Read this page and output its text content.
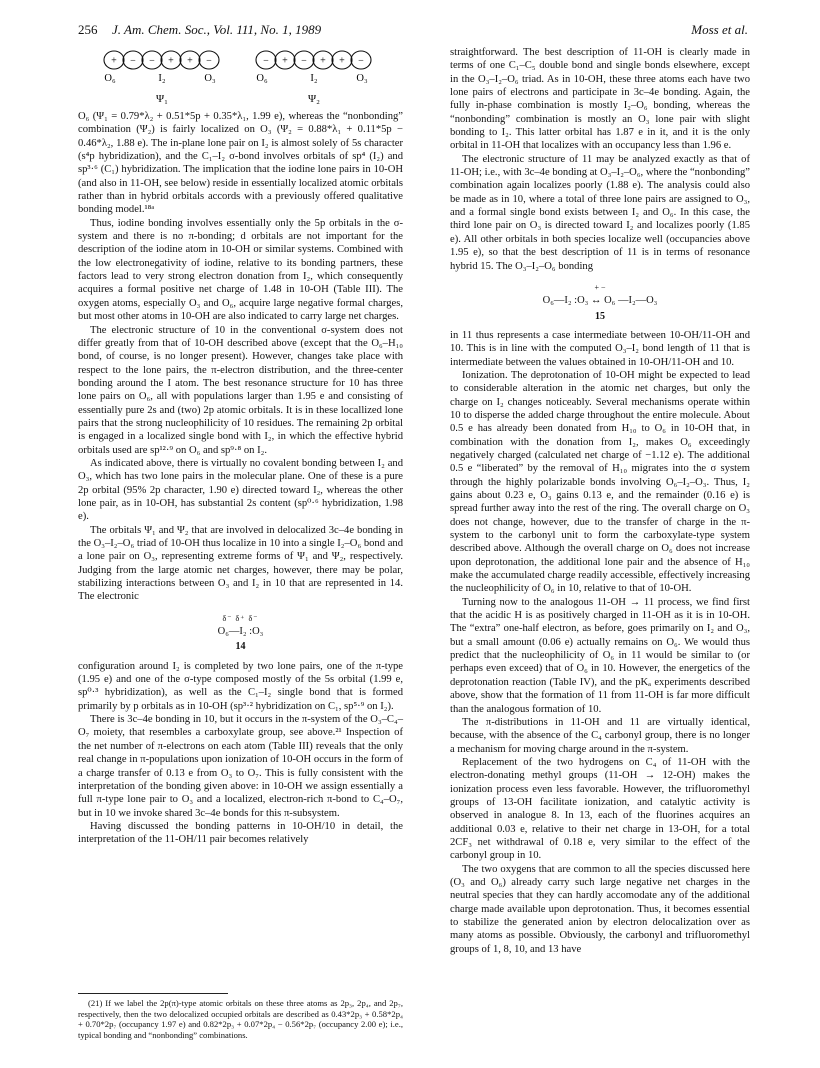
256 J. Am. Chem. Soc., Vol. 111, No. 1, 1989	Moss et al.
+ − − + + −
O₆	I₂	O₃
Ψ₁
− + − + + −
O₆	I₂	O₃
Ψ₂

O₆ (Ψ₁ = 0.79*λ₂ + 0.51*5p + 0.35*λ₁, 1.99 e), whereas the “nonbonding” combination (Ψ₂) is fairly localized on O₃ (Ψ₂ = 0.88*λ₁ + 0.11*5p − 0.46*λ₂, 1.88 e). The in-plane lone pair on I₂ is almost solely of 5s character (s⁴p hybridization), and the C₁–I₂ σ-bond involves orbitals of sp⁴ (I₂) and sp³·⁶ (C₁) hybridization. The implication that the iodine lone pairs in 10-OH (and also in 11-OH, see below) reside in essentially localized atomic orbitals rather than in hybrid orbitals accords with a previously offered qualitative bonding model.¹⁸ᵃ

Thus, iodine bonding involves essentially only the 5p orbitals in the σ-system and there is no π-bonding; d orbitals are not important for the description of the iodine atom in 10-OH or similar systems. Combined with the low electronegativity of iodine, relative to its bonding partners, these factors lead to very strong electron donation from I₂, which consequently acquires a formal positive net charge of 1.48 in 10-OH (Table III). The oxygen atoms, especially O₃ and O₆, acquire large negative formal charges, but most other atoms in 10-OH are also indicated to carry large net charges.

The electronic structure of 10 in the conventional σ-system does not differ greatly from that of 10-OH described above (except that the O₆–H₁₀ bond, of course, is no longer present). However, changes take place with respect to the lone pairs, the π-electron distribution, and the three-center bonding around the I atom. The best resonance structure for 10 has three lone pairs on O₆, all with populations larger than 1.95 e and consisting of essentially pure 2s and (two) 2p atomic orbitals. It is in these locallized lone pairs that the strong nucleophilicity of 10 residues. The remaining 2p orbital is engaged in a localized single bond with I₂, in which the effective hybrid orbitals used are sp¹²·⁹ on O₆ and sp⁹·⁸ on I₂.

As indicated above, there is virtually no covalent bonding between I₂ and O₃, which has two lone pairs in the molecular plane. One of these is a pure 2p orbital (95% 2p character, 1.90 e) directed toward I₂, whereas the other lone pair, as in 10-OH, has substantial 2s content (sp⁰·⁶ hybridization, 1.98 e).

The orbitals Ψ₁ and Ψ₂ that are involved in delocalized 3c–4e bonding in the O₃–I₂–O₆ triad of 10-OH thus localize in 10 into a single I₂–O₆ bond and a lone pair on O₃, representing extreme forms of Ψ₁ and Ψ₂, respectively. Judging from the large atomic net charges, however, there may be polar, stabilizing interactions between O₃ and I₂ in 10 that are represented in 14. The electronic

δ⁻ δ⁺ δ⁻
O₆—I₂ :O₃
14

configuration around I₂ is completed by two lone pairs, one of the π-type (1.95 e) and one of the σ-type composed mostly of the 5s orbital (1.99 e, sp⁰·³ hybridization), as well as the C₁–I₂ single bond that is formed primarily by p orbitals as in 10-OH (sp³·² hybridization on C₁, sp⁵·⁹ on I₂).

There is 3c–4e bonding in 10, but it occurs in the π-system of the O₃–C₄–O₇ moiety, that resembles a carboxylate group, see above.²¹ Inspection of the net number of π-electrons on each atom (Table III) reveals that the only real change in π-populations upon ionization of 10-OH occurs in the form of a charge transfer of 0.13 e from O₃ to O₇. This is fully consistent with the interpretation of the bonding given above: in 10-OH we assign essentially a full π-type lone pair to O₃ and a localized, electron-rich π-bond to C₄–O₇, but in 10 we invoke shared 3c–4e bonds for this π-subsystem.

Having discussed the bonding patterns in 10-OH/10 in detail, the interpretation of the 11-OH/11 pair becomes relatively

(21) If we label the 2p(π)-type atomic orbitals on these three atoms as 2p₃, 2p₄, and 2p₇, respectively, then the two delocalized occupied orbitals are described as 0.43*2p₃ + 0.58*2p₄ + 0.70*2p₇ (occupancy 1.97 e) and 0.82*2p₃ + 0.07*2p₄ − 0.56*2p₇ (occupancy 2.00 e); i.e., typical bonding and “nonbonding” combinations.

straightforward. The best description of 11-OH is clearly made in terms of one C₁–C₅ double bond and single bonds elsewhere, except in the O₃–I₂–O₆ triad. As in 10-OH, these three atoms each have two lone pairs of electrons and participate in 3c–4e bonding. Again, the fully in-phase combination is mostly I₂–O₆ bonding, whereas the “nonbonding” combination is mostly an O₃ lone pair with slight bonding to I₂. This latter orbital has 1.87 e in it, and it is the only orbital in 11-OH that localizes with an occupancy less than 1.96 e.

The electronic structure of 11 may be analyzed exactly as that of 11-OH; i.e., with 3c–4e bonding at O₃–I₂–O₆, where the “nonbonding” combination again localizes poorly (1.88 e). The analysis could also be made as in 10, where a total of three lone pairs are assigned to O₃, and a formal single bond exists between I₂ and O₆. In this case, the third lone pair on O₃ is directed toward I₂ and localizes poorly (1.85 e). All other orbitals in both species localize well (occupancies above 1.95 e), so that the best description of 11 is in terms of resonance hybrid 15. The O₃–I₂–O₆ bonding

+ −
O₆—I₂ :O₃ ↔ O₆ —I₂—O₃
15

in 11 thus represents a case intermediate between 10-OH/11-OH and 10. This is in line with the computed O₃–I₂ bond length of 11 that is intermediate between the values obtained in 10-OH/11-OH and 10.

Ionization. The deprotonation of 10-OH might be expected to lead to considerable alteration in the atomic net charges, but only the charge on I₂ changes noticeably. Several mechanisms operate within 10 to disperse the added charge throughout the entire molecule. About 0.5 e has already been donated from H₁₀ to O₆ in 10-OH that, in combination with the donation from I₂, makes O₆ exceedingly negatively charged (calculated net charge of −1.12 e). The additional 0.5 e “liberated” by the removal of H₁₀ migrates into the σ system through the highly polarizable bonds involving O₆–I₂–O₃. Thus, I₂ gains about 0.23 e, O₃ gains 0.13 e, and the remainder (0.16 e) is spread further away into the rest of the ring. The overall charge on O₃ does not change, however, due to the transfer of charge in the π-system to the carbonyl unit to form the carboxylate-type system described above. Although the overall charge on O₆ does not increase upon deprotonation, the additional lone pair and the absence of H₁₀ make the accumulated charge readily accessible, effectively increasing the nucleophilicity of O₆ in 10, relative to that of 10-OH.

Turning now to the analogous 11-OH → 11 process, we find first that the acidic H is as positively charged in 11-OH as it is in 10-OH. The “extra” one-half electron, as before, goes primarily on I₂ and O₃, but a small amount (0.06 e) actually remains on O₆. We would thus predict that the nucleophilicity of O₆ in 11 would be similar to (or perhaps even exceed) that of O₆ in 10. However, the energetics of the deprotonation reaction (Table IV), and the pKₐ experiments described above, show that the formation of 11 from 11-OH is far more difficult than the analogous formation of 10.

The π-distributions in 11-OH and 11 are virtually identical, because, with the absence of the C₄ carbonyl group, there is no longer a mechanism for moving charge around in the π-system.

Replacement of the two hydrogens on C₄ of 11-OH with the electron-donating methyl groups (11-OH → 12-OH) makes the ionization process even less favorable. However, the trifluoromethyl groups of 13-OH facilitate ionization, and catalytic activity is observed in analogue 8. In 13, each of the fluorines acquires an additional 0.03 e, relative to their net charge in 13-OH, for a total 2CF₃ net withdrawal of 0.18 e, very similar to the effect of the carbonyl group in 10.

The two oxygens that are common to all the species discussed here (O₃ and O₆) already carry such large negative net charges in the neutral species that they can hardly accomodate any of the additional charge made available upon deprotonation. Thus, it becomes essential to stabilize the generated anion by electron delocalization over as many atoms as possible. Obviously, the carbonyl and trifluoromethyl groups of 1, 8, 10, and 13 have
